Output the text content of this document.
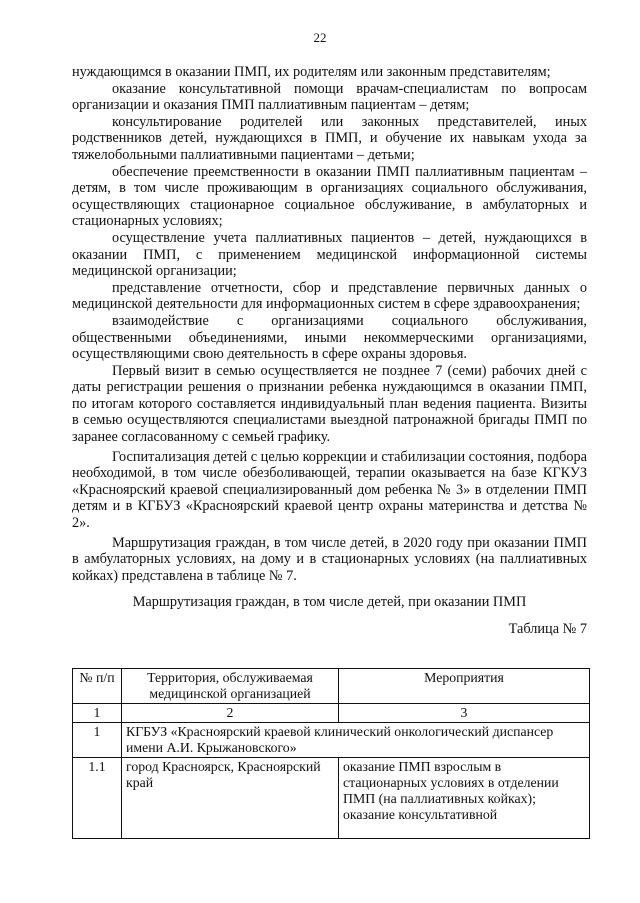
22

нуждающимся в оказании ПМП, их родителям или законным представителям;

оказание консультативной помощи врачам-специалистам по вопросам организации и оказания ПМП паллиативным пациентам – детям;

консультирование родителей или законных представителей, иных родственников детей, нуждающихся в ПМП, и обучение их навыкам ухода за тяжелобольными паллиативными пациентами – детьми;

обеспечение преемственности в оказании ПМП паллиативным пациентам – детям, в том числе проживающим в организациях социального обслуживания, осуществляющих стационарное социальное обслуживание, в амбулаторных и стационарных условиях;

осуществление учета паллиативных пациентов – детей, нуждающихся в оказании ПМП, с применением медицинской информационной системы медицинской организации;

представление отчетности, сбор и представление первичных данных о медицинской деятельности для информационных систем в сфере здравоохранения;

взаимодействие с организациями социального обслуживания, общественными объединениями, иными некоммерческими организациями, осуществляющими свою деятельность в сфере охраны здоровья.

Первый визит в семью осуществляется не позднее 7 (семи) рабочих дней с даты регистрации решения о признании ребенка нуждающимся в оказании ПМП, по итогам которого составляется индивидуальный план ведения пациента. Визиты в семью осуществляются специалистами выездной патронажной бригады ПМП по заранее согласованному с семьей графику.

Госпитализация детей с целью коррекции и стабилизации состояния, подбора необходимой, в том числе обезболивающей, терапии оказывается на базе КГКУЗ «Красноярский краевой специализированный дом ребенка № 3» в отделении ПМП детям и в КГБУЗ «Красноярский краевой центр охраны материнства и детства № 2».

Маршрутизация граждан, в том числе детей, в 2020 году при оказании ПМП в амбулаторных условиях, на дому и в стационарных условиях (на паллиативных койках) представлена в таблице № 7.

Маршрутизация граждан, в том числе детей, при оказании ПМП

Таблица № 7
№ п/п	Территория, обслуживаемая медицинской организацией	Мероприятия
1	2	3
1	КГБУЗ «Красноярский краевой клинический онкологический диспансер имени А.И. Крыжановского»	
1.1	город Красноярск, Красноярский край	оказание ПМП взрослым в стационарных условиях в отделении ПМП (на паллиативных койках); оказание консультативной
